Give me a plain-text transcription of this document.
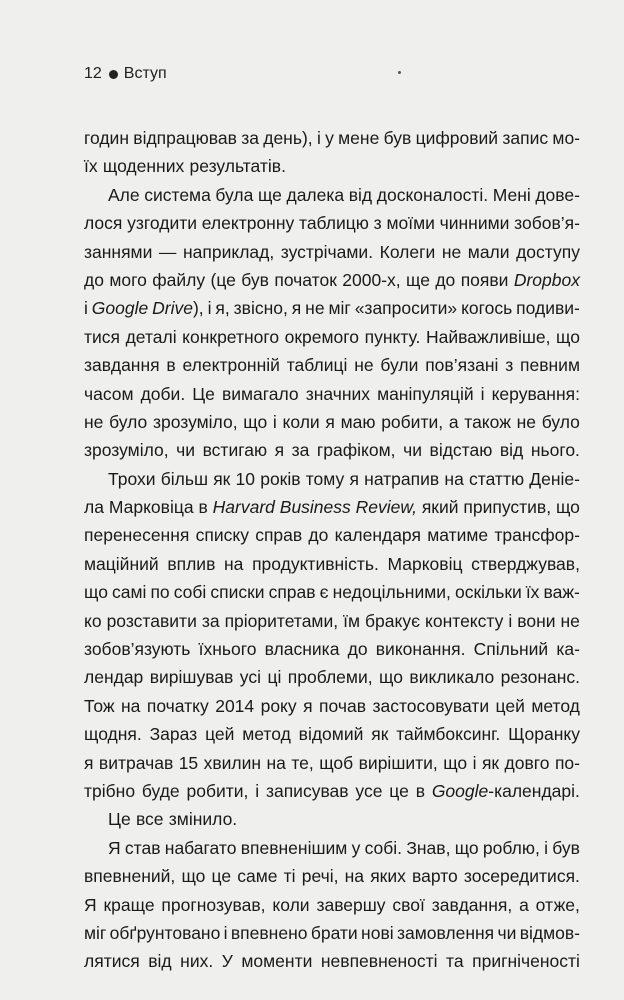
12 Вступ
годин відпрацював за день), і у мене був цифровий запис мо-
їх щоденних результатів.
Але система була ще далека від досконалості. Мені дове-
лося узгодити електронну таблицю з моїми чинними зобов’я-
заннями — наприклад, зустрічами. Колеги не мали доступу
до мого файлу (це був початок 2000-х, ще до появи Dropbox
і Google Drive), і я, звісно, я не міг «запросити» когось подиви-
тися деталі конкретного окремого пункту. Найважливіше, що
завдання в електронній таблиці не були пов’язані з певним
часом доби. Це вимагало значних маніпуляцій і керування:
не було зрозуміло, що і коли я маю робити, а також не було
зрозуміло, чи встигаю я за графіком, чи відстаю від нього.
Трохи більш як 10 років тому я натрапив на статтю Деніе-
ла Марковіца в Harvard Business Review, який припустив, що
перенесення списку справ до календаря матиме трансфор-
маційний вплив на продуктивність. Марковіц стверджував,
що самі по собі списки справ є недоцільними, оскільки їх важ-
ко розставити за пріоритетами, їм бракує контексту і вони не
зобов’язують їхнього власника до виконання. Спільний ка-
лендар вирішував усі ці проблеми, що викликало резонанс.
Тож на початку 2014 року я почав застосовувати цей метод
щодня. Зараз цей метод відомий як таймбоксинг. Щоранку
я витрачав 15 хвилин на те, щоб вирішити, що і як довго по-
трібно буде робити, і записував усе це в Google-календарі.
Це все змінило.
Я став набагато впевненішим у собі. Знав, що роблю, і був
впевнений, що це саме ті речі, на яких варто зосередитися.
Я краще прогнозував, коли завершу свої завдання, а отже,
міг обґрунтовано і впевнено брати нові замовлення чи відмов-
лятися від них. У моменти невпевненості та пригніченості
